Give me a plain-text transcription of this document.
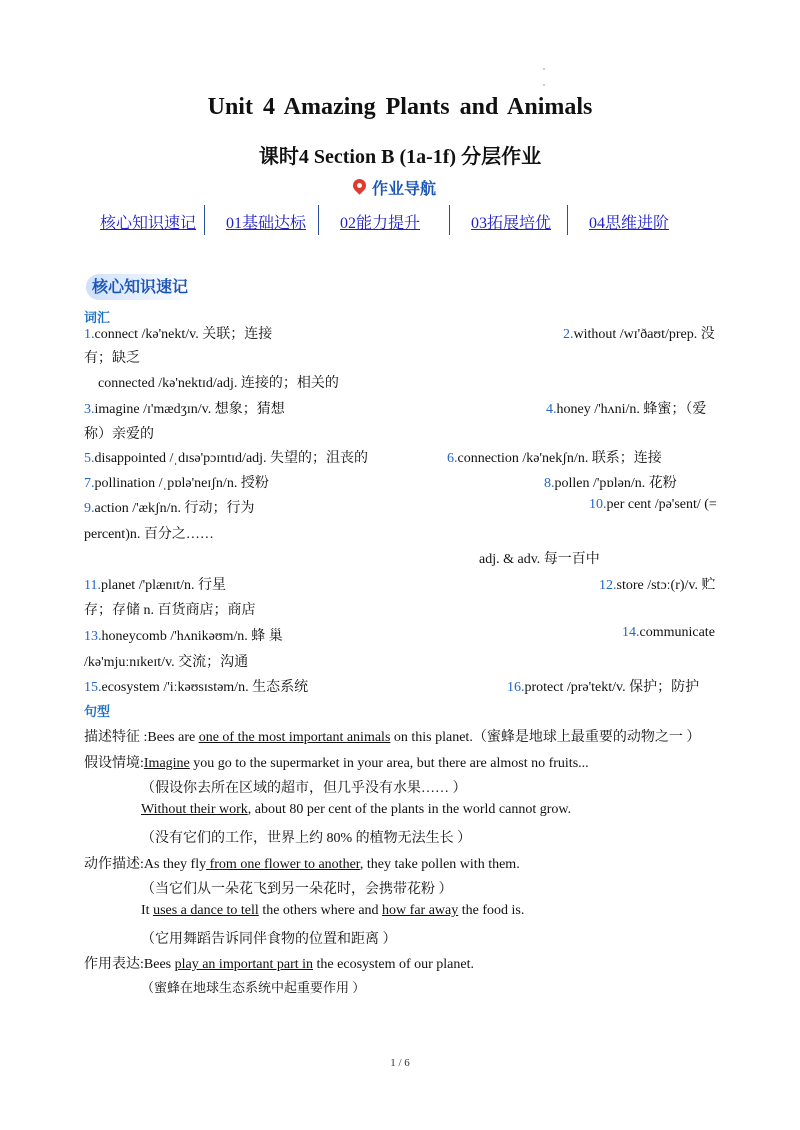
Unit 4 Amazing Plants and Animals
课时4 Section B (1a-1f) 分层作业
作业导航
核心知识速记 01基础达标 02能力提升	03拓展培优 04思维进阶
核心知识速记
词汇
1.connect /kə'nekt/v. 关联；连接	2.without /wɪ'ðaʊt/prep. 没
有；缺乏
connected /kə'nektɪd/adj. 连接的；相关的
3.imagine /ɪ'mædʒɪn/v. 想象；猜想	4.honey /'hʌni/n. 蜂蜜；（爱
称）亲爱的
5.disappointed /ˌdɪsə'pɔɪntɪd/adj. 失望的；沮丧的	6.connection /kə'nekʃn/n. 联系；连接
7.pollination /ˌpɒlə'neɪʃn/n. 授粉	8.pollen /'pɒlən/n. 花粉
9.action /'ækʃn/n. 行动；行为	10.per cent /pə'sent/ (=
percent)n. 百分之……
adj. & adv. 每一百中
11.planet /'plænɪt/n. 行星	12.store /stɔː(r)/v. 贮
存；存储 n. 百货商店；商店
13.honeycomb /'hʌnikəʊm/n. 蜂 巢	14.communicate
/kə'mjuːnɪkeɪt/v. 交流；沟通
15.ecosystem /'iːkəʊsɪstəm/n. 生态系统	16.protect /prə'tekt/v. 保护；防护
句型
描述特征 :Bees are one of the most important animals on this planet.（蜜蜂是地球上最重要的动物之一 ）
假设情境:Imagine you go to the supermarket in your area, but there are almost no fruits...
（假设你去所在区域的超市，但几乎没有水果…… ）
Without their work, about 80 per cent of the plants in the world cannot grow.
（没有它们的工作，世界上约 80% 的植物无法生长 ）
动作描述:As they fly from one flower to another, they take pollen with them.
（当它们从一朵花飞到另一朵花时，会携带花粉 ）
It uses a dance to tell the others where and how far away the food is.
（它用舞蹈告诉同伴食物的位置和距离 ）
作用表达:Bees play an important part in the ecosystem of our planet.
（蜜蜂在地球生态系统中起重要作用 ）
1 / 6
